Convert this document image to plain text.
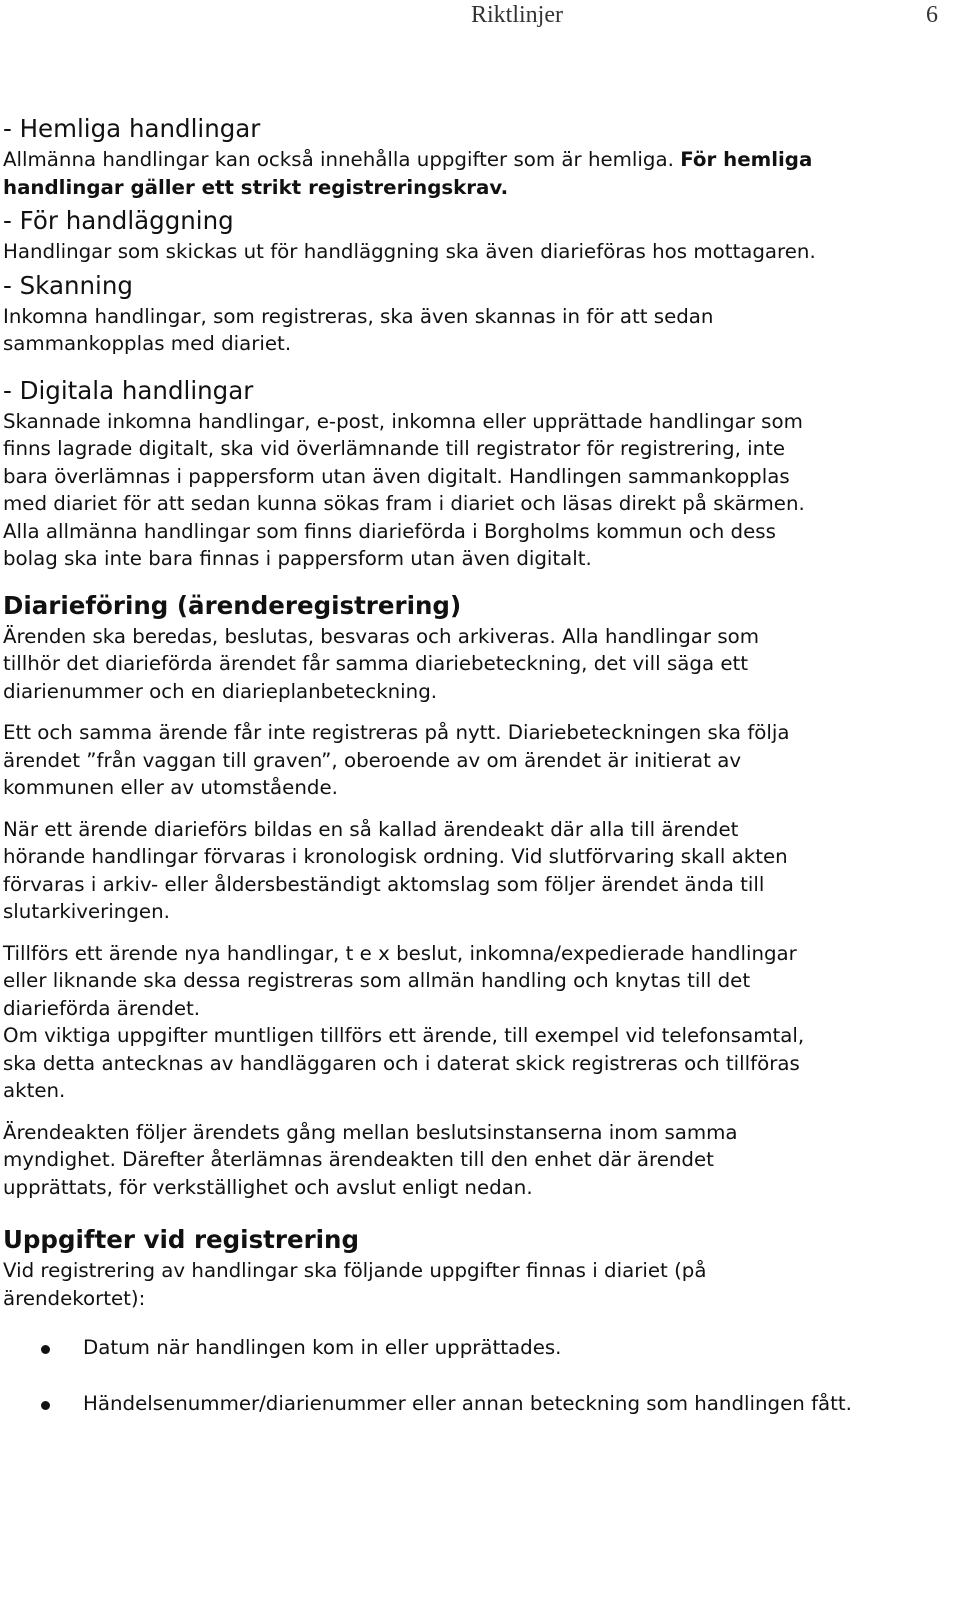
Riktlinjer	6

- Hemliga handlingar

Allmänna handlingar kan också innehålla uppgifter som är hemliga. För hemliga

handlingar gäller ett strikt registreringskrav.

- För handläggning

Handlingar som skickas ut för handläggning ska även diarieföras hos mottagaren.

- Skanning

Inkomna handlingar, som registreras, ska även skannas in för att sedan

sammankopplas med diariet.

- Digitala handlingar

Skannade inkomna handlingar, e-post, inkomna eller upprättade handlingar som

finns lagrade digitalt, ska vid överlämnande till registrator för registrering, inte

bara överlämnas i pappersform utan även digitalt. Handlingen sammankopplas

med diariet för att sedan kunna sökas fram i diariet och läsas direkt på skärmen.

Alla allmänna handlingar som finns diarieförda i Borgholms kommun och dess

bolag ska inte bara finnas i pappersform utan även digitalt.

Diarieföring (ärenderegistrering)

Ärenden ska beredas, beslutas, besvaras och arkiveras. Alla handlingar som

tillhör det diarieförda ärendet får samma diariebeteckning, det vill säga ett

diarienummer och en diarieplanbeteckning.

Ett och samma ärende får inte registreras på nytt. Diariebeteckningen ska följa

ärendet ”från vaggan till graven”, oberoende av om ärendet är initierat av

kommunen eller av utomstående.

När ett ärende diarieförs bildas en så kallad ärendeakt där alla till ärendet

hörande handlingar förvaras i kronologisk ordning. Vid slutförvaring skall akten

förvaras i arkiv- eller åldersbeständigt aktomslag som följer ärendet ända till

slutarkiveringen.

Tillförs ett ärende nya handlingar, t e x beslut, inkomna/expedierade handlingar

eller liknande ska dessa registreras som allmän handling och knytas till det

diarieförda ärendet.

Om viktiga uppgifter muntligen tillförs ett ärende, till exempel vid telefonsamtal,

ska detta antecknas av handläggaren och i daterat skick registreras och tillföras

akten.

Ärendeakten följer ärendets gång mellan beslutsinstanserna inom samma

myndighet. Därefter återlämnas ärendeakten till den enhet där ärendet

upprättats, för verkställighet och avslut enligt nedan.

Uppgifter vid registrering

Vid registrering av handlingar ska följande uppgifter finnas i diariet (på

ärendekortet):

Datum när handlingen kom in eller upprättades.
Händelsenummer/diarienummer eller annan beteckning som handlingen fått.
